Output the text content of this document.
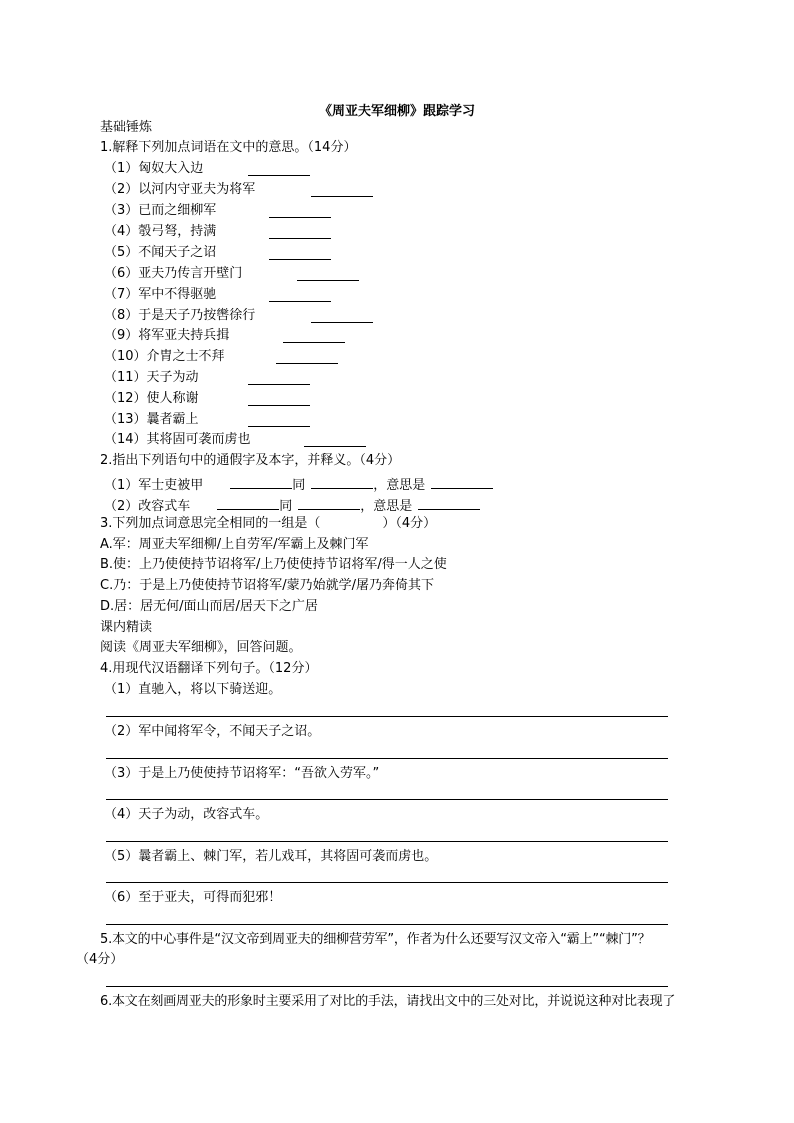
《周亚夫军细柳》跟踪学习
基础锤炼
1.解释下列加点词语在文中的意思。（14分）
（1）匈奴大入边
（2）以河内守亚夫为将军
（3）已而之细柳军
（4）彀弓弩，持满
（5）不闻天子之诏
（6）亚夫乃传言开壁门
（7）军中不得驱驰
（8）于是天子乃按辔徐行
（9）将军亚夫持兵揖
（10）介胄之士不拜
（11）天子为动
（12）使人称谢
（13）曩者霸上
（14）其将固可袭而虏也
2.指出下列语句中的通假字及本字，并释义。（4分）
（1）军士吏被甲	同	，意思是
（2）改容式车	同	，意思是
3.下列加点词意思完全相同的一组是（	）（4分）
A.军：周亚夫军细柳/上自劳军/军霸上及棘门军
B.使：上乃使使持节诏将军/上乃使使持节诏将军/得一人之使
C.乃：于是上乃使使持节诏将军/蒙乃始就学/屠乃奔倚其下
D.居：居无何/面山而居/居天下之广居
课内精读
阅读《周亚夫军细柳》，回答问题。
4.用现代汉语翻译下列句子。（12分）
（1）直驰入，将以下骑送迎。
（2）军中闻将军令，不闻天子之诏。
（3）于是上乃使使持节诏将军：“吾欲入劳军。”
（4）天子为动，改容式车。
（5）曩者霸上、棘门军，若儿戏耳，其将固可袭而虏也。
（6）至于亚夫，可得而犯邪！
5.本文的中心事件是“汉文帝到周亚夫的细柳营劳军”，作者为什么还要写汉文帝入“霸上”“棘门”？
（4分）
6.本文在刻画周亚夫的形象时主要采用了对比的手法，请找出文中的三处对比，并说说这种对比表现了
